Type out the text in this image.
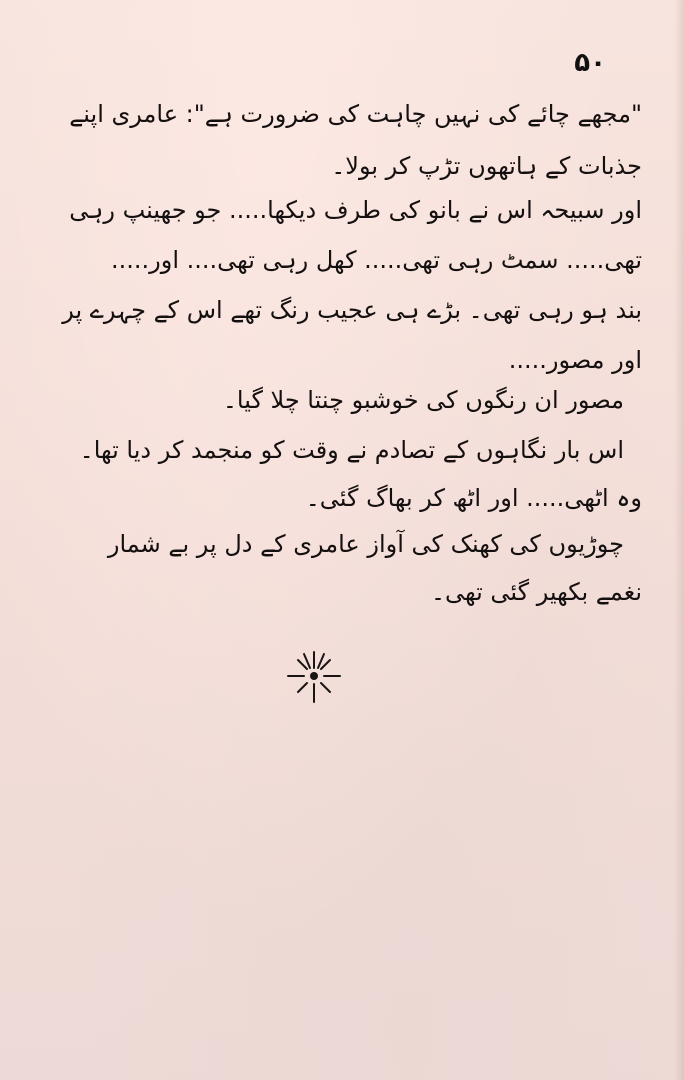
۵۰
"مجھے چائے کی نہیں چاہت کی ضرورت ہے": عامری اپنے
جذبات کے ہاتھوں تڑپ کر بولا۔
اور سبیحہ اس نے بانو کی طرف دیکھا..... جو جھینپ رہی
تھی..... سمٹ رہی تھی..... کھل رہی تھی.... اور.....
بند ہو رہی تھی۔ بڑے ہی عجیب رنگ تھے اس کے چہرے پر
اور مصور.....
مصور ان رنگوں کی خوشبو چنتا چلا گیا۔
اس بار نگاہوں کے تصادم نے وقت کو منجمد کر دیا تھا۔
وہ اٹھی..... اور اٹھ کر بھاگ گئی۔
چوڑیوں کی کھنک کی آواز عامری کے دل پر بے شمار
نغمے بکھیر گئی تھی۔
